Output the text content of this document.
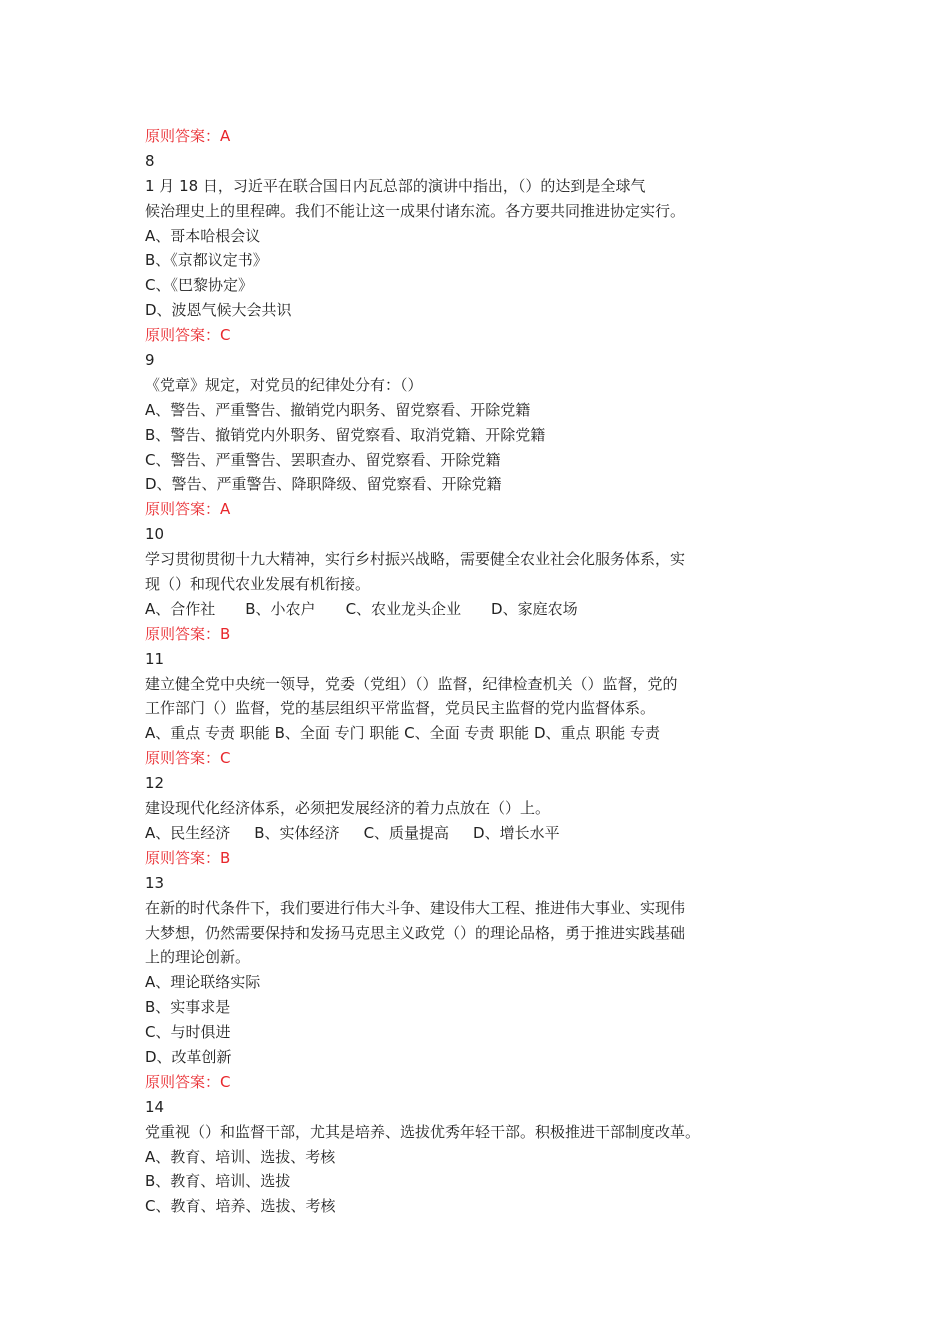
原则答案：A
8
1 月 18 日，习近平在联合国日内瓦总部的演讲中指出，（）的达到是全球气
候治理史上的里程碑。我们不能让这一成果付诸东流。各方要共同推进协定实行。
A、哥本哈根会议
B、《京都议定书》
C、《巴黎协定》
D、波恩气候大会共识
原则答案：C
9
《党章》规定，对党员的纪律处分有：（）
A、警告、严重警告、撤销党内职务、留党察看、开除党籍
B、警告、撤销党内外职务、留党察看、取消党籍、开除党籍
C、警告、严重警告、罢职查办、留党察看、开除党籍
D、警告、严重警告、降职降级、留党察看、开除党籍
原则答案：A
10
学习贯彻贯彻十九大精神，实行乡村振兴战略，需要健全农业社会化服务体系，实
现（）和现代农业发展有机衔接。
A、合作社 B、小农户 C、农业龙头企业 D、家庭农场
原则答案：B
11
建立健全党中央统一领导，党委（党组）（）监督，纪律检查机关（）监督，党的
工作部门（）监督，党的基层组织平常监督，党员民主监督的党内监督体系。
A、重点 专责 职能 B、全面 专门 职能 C、全面 专责 职能 D、重点 职能 专责
原则答案：C
12
建设现代化经济体系，必须把发展经济的着力点放在（）上。
A、民生经济 B、实体经济 C、质量提高 D、增长水平
原则答案：B
13
在新的时代条件下，我们要进行伟大斗争、建设伟大工程、推进伟大事业、实现伟
大梦想，仍然需要保持和发扬马克思主义政党（）的理论品格，勇于推进实践基础
上的理论创新。
A、理论联络实际
B、实事求是
C、与时俱进
D、改革创新
原则答案：C
14
党重视（）和监督干部，尤其是培养、选拔优秀年轻干部。积极推进干部制度改革。
A、教育、培训、选拔、考核
B、教育、培训、选拔
C、教育、培养、选拔、考核
